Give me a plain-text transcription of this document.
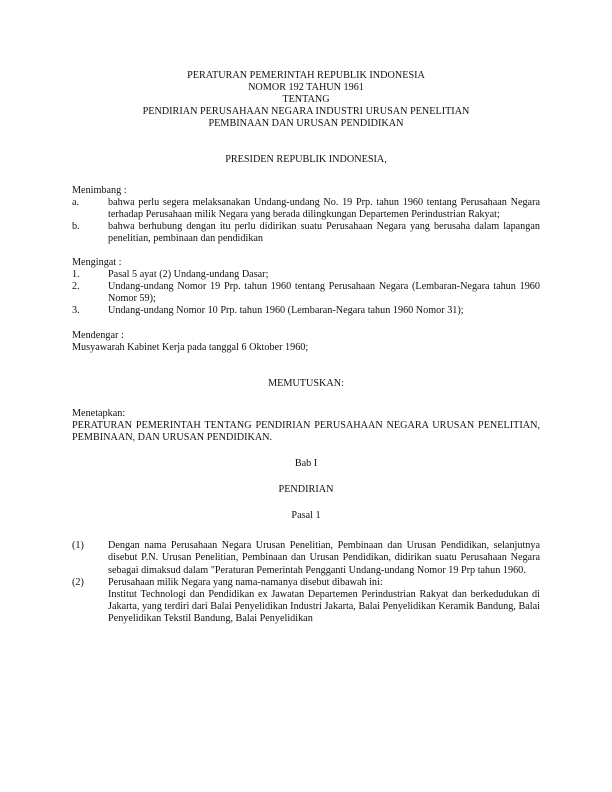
PERATURAN PEMERINTAH REPUBLIK INDONESIA

NOMOR 192 TAHUN 1961

TENTANG

PENDIRIAN PERUSAHAAN NEGARA INDUSTRI URUSAN PENELITIAN

PEMBINAAN DAN URUSAN PENDIDIKAN

PRESIDEN REPUBLIK INDONESIA,

Menimbang :

a.	bahwa perlu segera melaksanakan Undang-undang No. 19 Prp. tahun 1960 tentang Perusahaan Negara terhadap Perusahaan milik Negara yang berada dilingkungan Departemen Perindustrian Rakyat;
b.	bahwa berhubung dengan itu perlu didirikan suatu Perusahaan Negara yang berusaha dalam lapangan penelitian, pembinaan dan pendidikan

Mengingat :

1.	Pasal 5 ayat (2) Undang-undang Dasar;
2.	Undang-undang Nomor 19 Prp. tahun 1960 tentang Perusahaan Negara (Lembaran-Negara tahun 1960 Nomor 59);
3.	Undang-undang Nomor 10 Prp. tahun 1960 (Lembaran-Negara tahun 1960 Nomor 31);

Mendengar :

Musyawarah Kabinet Kerja pada tanggal 6 Oktober 1960;

MEMUTUSKAN:

Menetapkan:

PERATURAN PEMERINTAH TENTANG PENDIRIAN PERUSAHAAN NEGARA URUSAN PENELITIAN, PEMBINAAN, DAN URUSAN PENDIDIKAN.

Bab I

PENDIRIAN

Pasal 1

(1)	Dengan nama Perusahaan Negara Urusan Penelitian, Pembinaan dan Urusan Pendidikan, selanjutnya disebut P.N. Urusan Penelitian, Pembinaan dan Urusan Pendidikan, didirikan suatu Perusahaan Negara sebagai dimaksud dalam "Peraturan Pemerintah Pengganti Undang-undang Nomor 19 Prp tahun 1960.
(2)	Perusahaan milik Negara yang nama-namanya disebut dibawah ini:
Institut Technologi dan Pendidikan ex Jawatan Departemen Perindustrian Rakyat dan berkedudukan di Jakarta, yang terdiri dari Balai Penyelidikan Industri Jakarta, Balai Penyelidikan Keramik Bandung, Balai Penyelidikan Tekstil Bandung, Balai Penyelidikan
